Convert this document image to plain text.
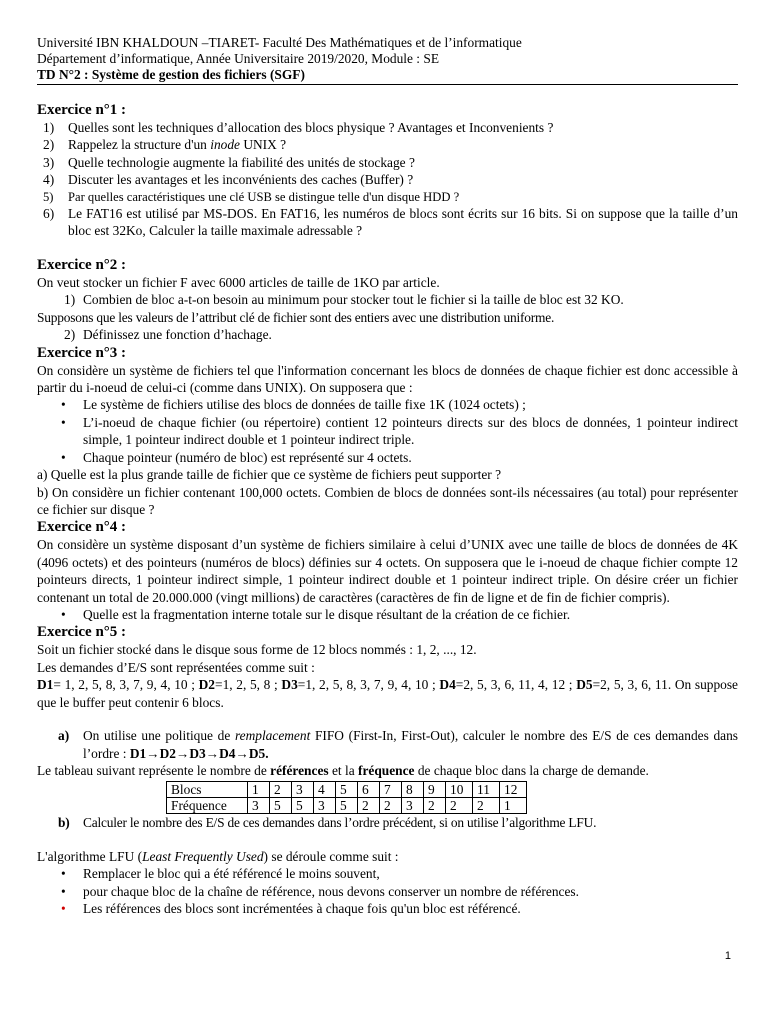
Université IBN KHALDOUN –TIARET- Faculté Des Mathématiques et de l’informatique

Département d’informatique, Année Universitaire 2019/2020, Module : SE

TD N°2 : Système de gestion des fichiers (SGF)

Exercice n°1 :
1) Quelles sont les techniques d’allocation des blocs physique ? Avantages et Inconvenients ?
2) Rappelez la structure d'un inode UNIX ?
3) Quelle technologie augmente la fiabilité des unités de stockage ?
4) Discuter les avantages et les inconvénients des caches (Buffer) ?
5) Par quelles caractéristiques une clé USB se distingue telle d'un disque HDD ?
6) Le FAT16 est utilisé par MS-DOS. En FAT16, les numéros de blocs sont écrits sur 16 bits. Si on suppose que la taille d’un bloc est 32Ko, Calculer la taille maximale adressable ?
Exercice n°2 :

On veut stocker un fichier F avec 6000 articles de taille de 1KO par article.

1) Combien de bloc a-t-on besoin au minimum pour stocker tout le fichier si la taille de bloc est 32 KO.

Supposons que les valeurs de l’attribut clé de fichier sont des entiers avec une distribution uniforme.

2) Définissez une fonction d’hachage.
Exercice n°3 :

On considère un système de fichiers tel que l'information concernant les blocs de données de chaque fichier est donc accessible à partir du i-noeud de celui-ci (comme dans UNIX). On supposera que :

• Le système de fichiers utilise des blocs de données de taille fixe 1K (1024 octets) ;
• L’i-noeud de chaque fichier (ou répertoire) contient 12 pointeurs directs sur des blocs de données, 1 pointeur indirect simple, 1 pointeur indirect double et 1 pointeur indirect triple.
• Chaque pointeur (numéro de bloc) est représenté sur 4 octets.

a) Quelle est la plus grande taille de fichier que ce système de fichiers peut supporter ?

b) On considère un fichier contenant 100,000 octets. Combien de blocs de données sont-ils nécessaires (au total) pour représenter ce fichier sur disque ?

Exercice n°4 :

On considère un système disposant d’un système de fichiers similaire à celui d’UNIX avec une taille de blocs de données de 4K (4096 octets) et des pointeurs (numéros de blocs) définies sur 4 octets. On supposera que le i-noeud de chaque fichier compte 12 pointeurs directs, 1 pointeur indirect simple, 1 pointeur indirect double et 1 pointeur indirect triple. On désire créer un fichier contenant un total de 20.000.000 (vingt millions) de caractères (caractères de fin de ligne et de fin de fichier compris).

• Quelle est la fragmentation interne totale sur le disque résultant de la création de ce fichier.
Exercice n°5 :

Soit un fichier stocké dans le disque sous forme de 12 blocs nommés : 1, 2, ..., 12.

Les demandes d’E/S sont représentées comme suit :

D1= 1, 2, 5, 8, 3, 7, 9, 4, 10 ; D2=1, 2, 5, 8 ; D3=1, 2, 5, 8, 3, 7, 9, 4, 10 ; D4=2, 5, 3, 6, 11, 4, 12 ; D5=2, 5, 3, 6, 11. On suppose que le buffer peut contenir 6 blocs.

a) On utilise une politique de remplacement FIFO (First-In, First-Out), calculer le nombre des E/S de ces demandes dans l’ordre : D1→D2→D3→D4→D5.

Le tableau suivant représente le nombre de références et la fréquence de chaque bloc dans la charge de demande.

Blocs	1	2	3	4	5	6	7	8	9	10	11	12
Fréquence	3	5	5	3	5	2	2	3	2	2	2	1
b) Calculer le nombre des E/S de ces demandes dans l’ordre précédent, si on utilise l’algorithme LFU.

L'algorithme LFU (Least Frequently Used) se déroule comme suit :

• Remplacer le bloc qui a été référencé le moins souvent,
• pour chaque bloc de la chaîne de référence, nous devons conserver un nombre de références.
• Les références des blocs sont incrémentées à chaque fois qu'un bloc est référencé.
1
